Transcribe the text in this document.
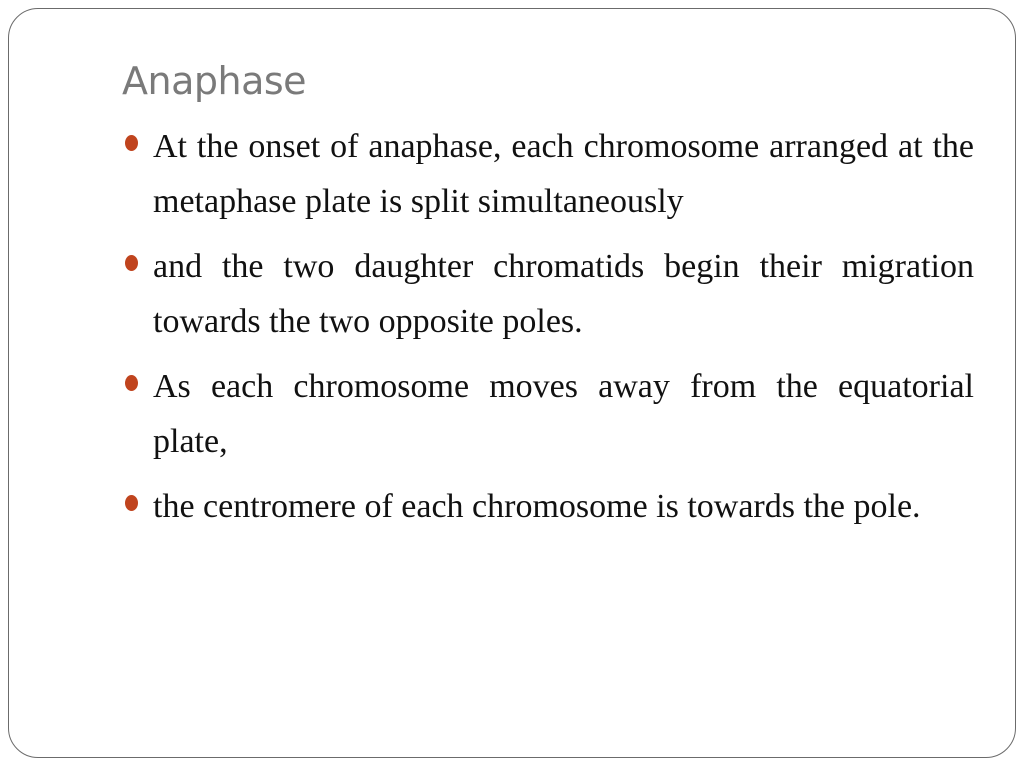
Anaphase
At the onset of anaphase, each chromosome arranged at the metaphase plate is split simultaneously
and the two daughter chromatids begin their migration towards the two opposite poles.
As each chromosome moves away from the equatorial plate,
the centromere of each chromosome is towards the pole.
